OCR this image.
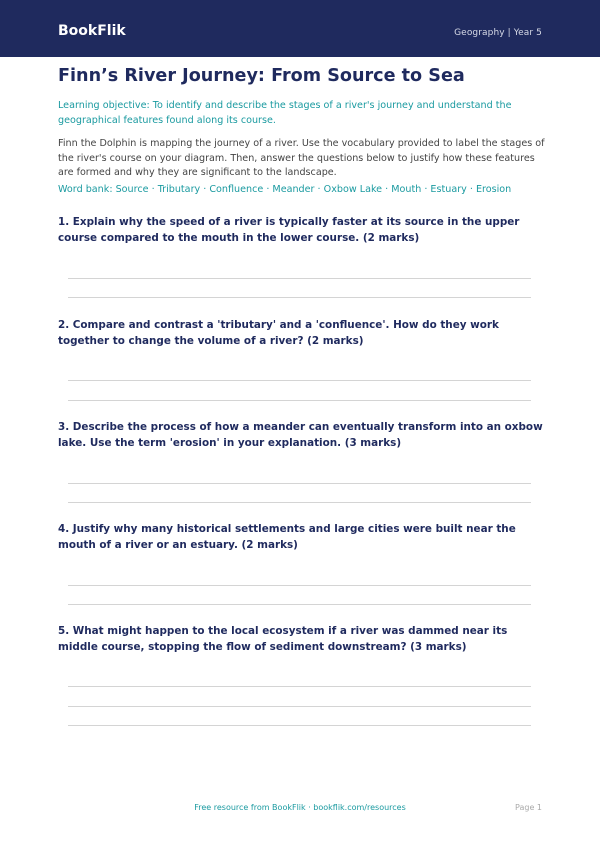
BookFlik	Geography | Year 5
Finn’s River Journey: From Source to Sea
Learning objective: To identify and describe the stages of a river's journey and understand the geographical features found along its course.
Finn the Dolphin is mapping the journey of a river. Use the vocabulary provided to label the stages of the river's course on your diagram. Then, answer the questions below to justify how these features are formed and why they are significant to the landscape.
Word bank: Source · Tributary · Confluence · Meander · Oxbow Lake · Mouth · Estuary · Erosion
1. Explain why the speed of a river is typically faster at its source in the upper course compared to the mouth in the lower course. (2 marks)
2. Compare and contrast a 'tributary' and a 'confluence'. How do they work together to change the volume of a river? (2 marks)
3. Describe the process of how a meander can eventually transform into an oxbow lake. Use the term 'erosion' in your explanation. (3 marks)
4. Justify why many historical settlements and large cities were built near the mouth of a river or an estuary. (2 marks)
5. What might happen to the local ecosystem if a river was dammed near its middle course, stopping the flow of sediment downstream? (3 marks)
Free resource from BookFlik · bookflik.com/resources	Page 1
